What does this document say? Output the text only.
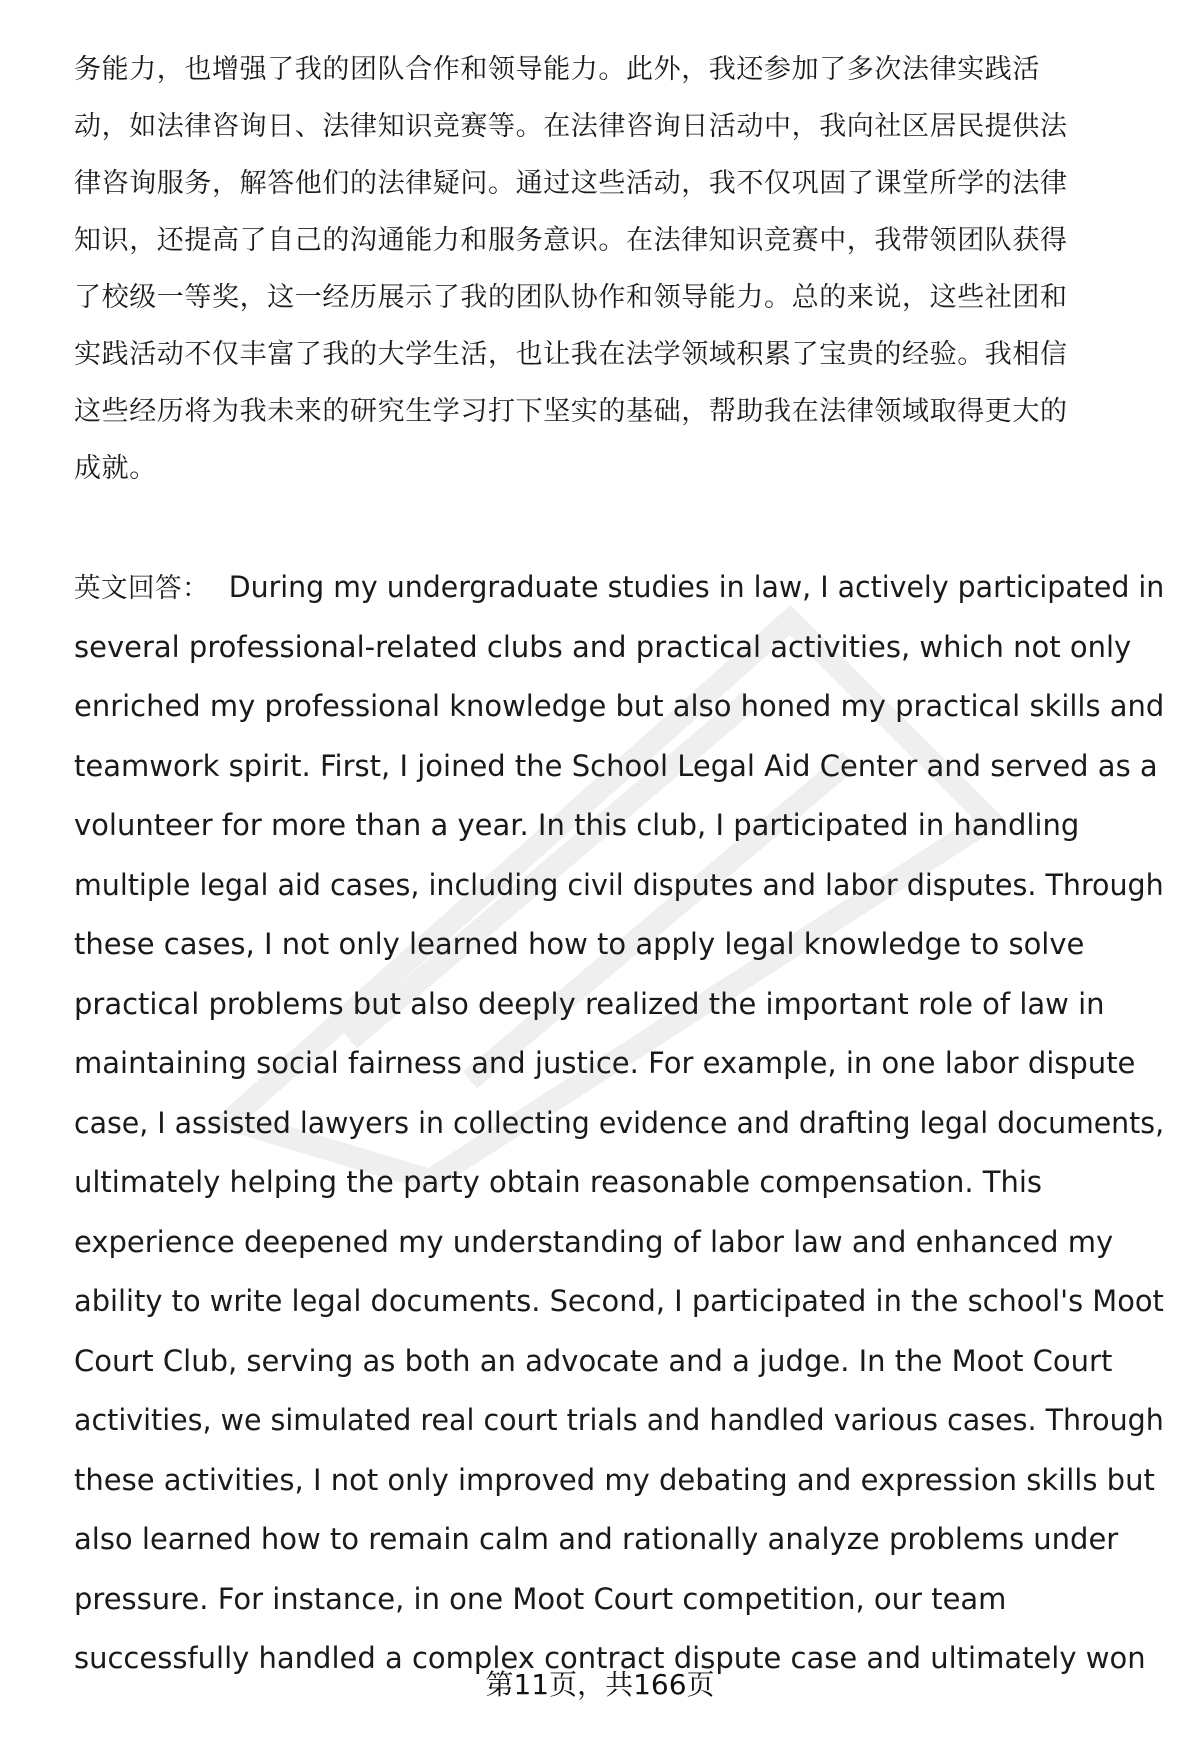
务能力，也增强了我的团队合作和领导能力。此外，我还参加了多次法律实践活
动，如法律咨询日、法律知识竞赛等。在法律咨询日活动中，我向社区居民提供法
律咨询服务，解答他们的法律疑问。通过这些活动，我不仅巩固了课堂所学的法律
知识，还提高了自己的沟通能力和服务意识。在法律知识竞赛中，我带领团队获得
了校级一等奖，这一经历展示了我的团队协作和领导能力。总的来说，这些社团和
实践活动不仅丰富了我的大学生活，也让我在法学领域积累了宝贵的经验。我相信
这些经历将为我未来的研究生学习打下坚实的基础，帮助我在法律领域取得更大的
成就。
英文回答： During my undergraduate studies in law, I actively participated in
several professional-related clubs and practical activities, which not only
enriched my professional knowledge but also honed my practical skills and
teamwork spirit. First, I joined the School Legal Aid Center and served as a
volunteer for more than a year. In this club, I participated in handling
multiple legal aid cases, including civil disputes and labor disputes. Through
these cases, I not only learned how to apply legal knowledge to solve
practical problems but also deeply realized the important role of law in
maintaining social fairness and justice. For example, in one labor dispute
case, I assisted lawyers in collecting evidence and drafting legal documents,
ultimately helping the party obtain reasonable compensation. This
experience deepened my understanding of labor law and enhanced my
ability to write legal documents. Second, I participated in the school's Moot
Court Club, serving as both an advocate and a judge. In the Moot Court
activities, we simulated real court trials and handled various cases. Through
these activities, I not only improved my debating and expression skills but
also learned how to remain calm and rationally analyze problems under
pressure. For instance, in one Moot Court competition, our team
successfully handled a complex contract dispute case and ultimately won
第11页，共166页
